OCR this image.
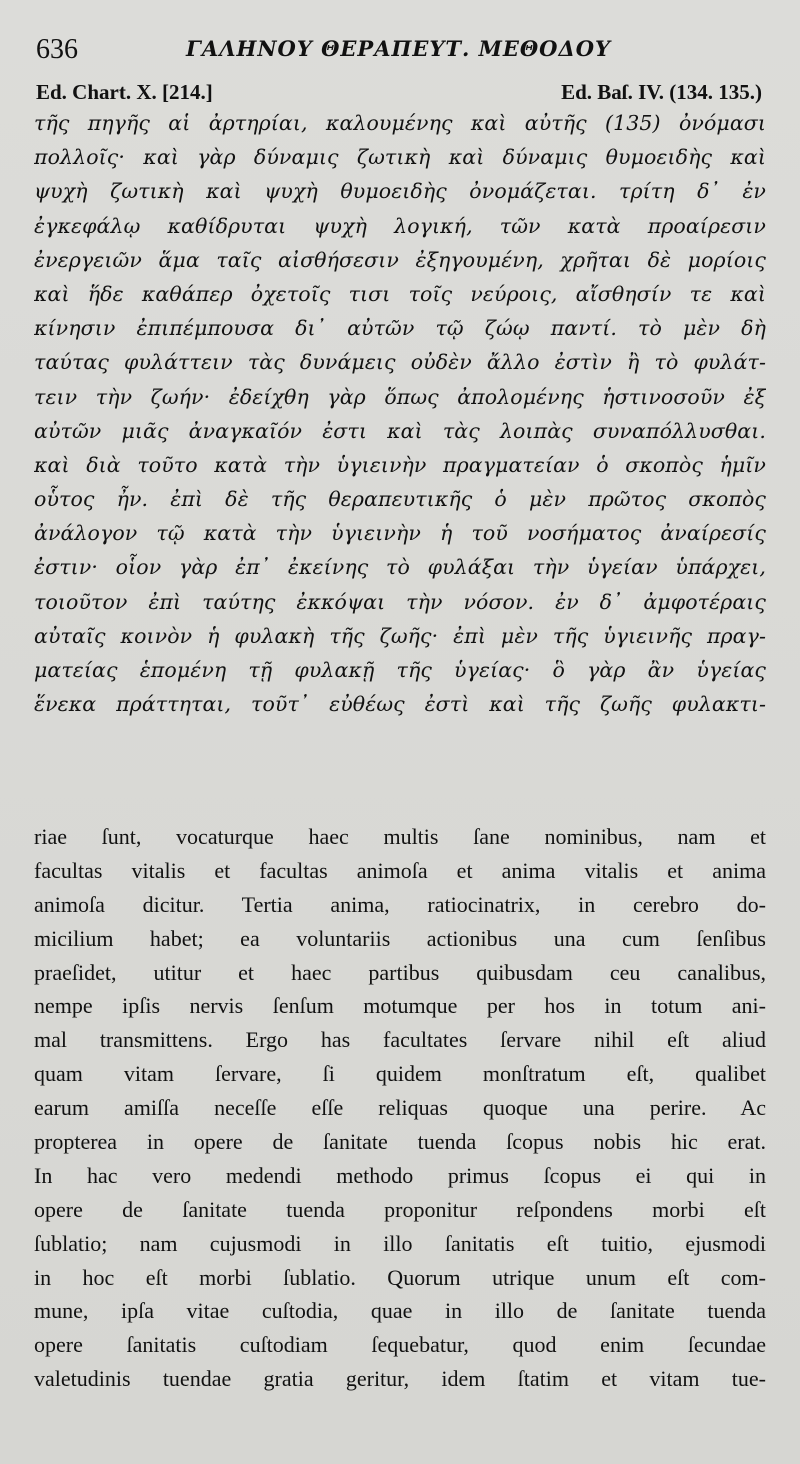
636	ΓΑΛΗΝΟΥ ΘΕΡΑΠΕΥΤ. ΜΕΘΟΔΟΥ
Ed. Chart. X. [214.]	Ed. Baſ. IV. (134. 135.)
τῆς πηγῆς αἱ ἀρτηρίαι, καλουμένης καὶ αὐτῆς (135) ὀνόμασι
πολλοῖς· καὶ γὰρ δύναμις ζωτικὴ καὶ δύναμις θυμοειδὴς καὶ
ψυχὴ ζωτικὴ καὶ ψυχὴ θυμοειδὴς ὀνομάζεται. τρίτη δ᾽ ἐν
ἐγκεφάλῳ καθίδρυται ψυχὴ λογική, τῶν κατὰ προαίρεσιν
ἐνεργειῶν ἅμα ταῖς αἰσθήσεσιν ἐξηγουμένη, χρῆται δὲ μορίοις
καὶ ἥδε καθάπερ ὀχετοῖς τισι τοῖς νεύροις, αἴσθησίν τε καὶ
κίνησιν ἐπιπέμπουσα δι᾽ αὐτῶν τῷ ζώῳ παντί. τὸ μὲν δὴ
ταύτας φυλάττειν τὰς δυνάμεις οὐδὲν ἄλλο ἐστὶν ἢ τὸ φυλάτ-
τειν τὴν ζωήν· ἐδείχθη γὰρ ὅπως ἀπολομένης ἡστινοσοῦν ἐξ
αὐτῶν μιᾶς ἀναγκαῖόν ἐστι καὶ τὰς λοιπὰς συναπόλλυσθαι.
καὶ διὰ τοῦτο κατὰ τὴν ὑγιεινὴν πραγματείαν ὁ σκοπὸς ἡμῖν
οὗτος ἦν. ἐπὶ δὲ τῆς θεραπευτικῆς ὁ μὲν πρῶτος σκοπὸς
ἀνάλογον τῷ κατὰ τὴν ὑγιεινὴν ἡ τοῦ νοσήματος ἀναίρεσίς
ἐστιν· οἷον γὰρ ἐπ᾽ ἐκείνης τὸ φυλάξαι τὴν ὑγείαν ὑπάρχει,
τοιοῦτον ἐπὶ ταύτης ἐκκόψαι τὴν νόσον. ἐν δ᾽ ἀμφοτέραις
αὐταῖς κοινὸν ἡ φυλακὴ τῆς ζωῆς· ἐπὶ μὲν τῆς ὑγιεινῆς πραγ-
ματείας ἑπομένη τῇ φυλακῇ τῆς ὑγείας· ὃ γὰρ ἂν ὑγείας
ἕνεκα πράττηται, τοῦτ᾽ εὐθέως ἐστὶ καὶ τῆς ζωῆς φυλακτι-
riae ſunt, vocaturque haec multis ſane nominibus, nam et
facultas vitalis et facultas animoſa et anima vitalis et anima
animoſa dicitur. Tertia anima, ratiocinatrix, in cerebro do-
micilium habet; ea voluntariis actionibus una cum ſenſibus
praeſidet, utitur et haec partibus quibusdam ceu canalibus,
nempe ipſis nervis ſenſum motumque per hos in totum ani-
mal transmittens. Ergo has facultates ſervare nihil eſt aliud
quam vitam ſervare, ſi quidem monſtratum eſt, qualibet
earum amiſſa neceſſe eſſe reliquas quoque una perire. Ac
propterea in opere de ſanitate tuenda ſcopus nobis hic erat.
In hac vero medendi methodo primus ſcopus ei qui in
opere de ſanitate tuenda proponitur reſpondens morbi eſt
ſublatio; nam cujusmodi in illo ſanitatis eſt tuitio, ejusmodi
in hoc eſt morbi ſublatio. Quorum utrique unum eſt com-
mune, ipſa vitae cuſtodia, quae in illo de ſanitate tuenda
opere ſanitatis cuſtodiam ſequebatur, quod enim ſecundae
valetudinis tuendae gratia geritur, idem ſtatim et vitam tue-
